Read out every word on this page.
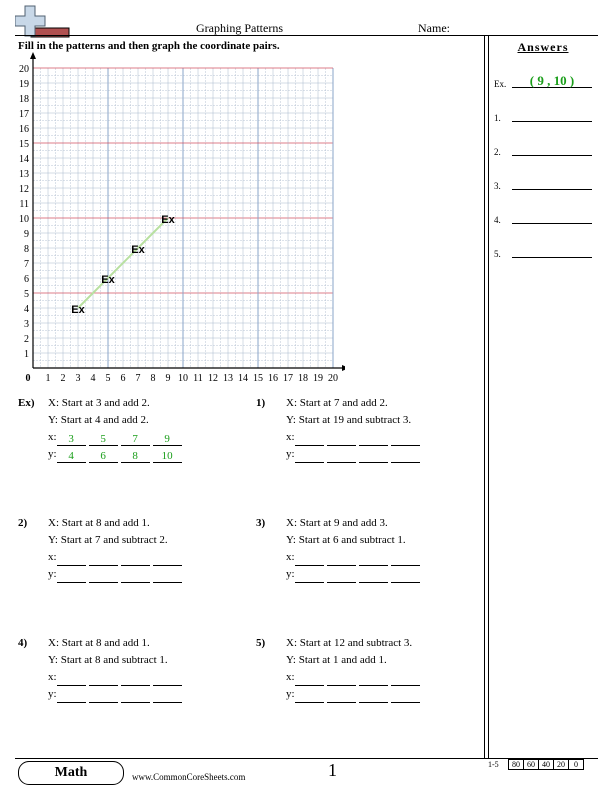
Graphing Patterns	Name:
Fill in the patterns and then graph the coordinate pairs.
0 1 2 3 4 5 6 7 8 9 10 11 12 13 14 15 16 17 18 19 20
1
2
3
4
5
6
7
8
9
10
11
12
13
14
15
16
17
18
19
20
Ex
Ex
Ex
Ex
Ex) X: Start at 3 and add 2.
Y: Start at 4 and add 2.
x: 3 5 7 9
y: 4 6 8 10
1) X: Start at 7 and add 2.
Y: Start at 19 and subtract 3.
x:
y:
2) X: Start at 8 and add 1.
Y: Start at 7 and subtract 2.
x:
y:
3) X: Start at 9 and add 3.
Y: Start at 6 and subtract 1.
x:
y:
4) X: Start at 8 and add 1.
Y: Start at 8 and subtract 1.
x:
y:
5) X: Start at 12 and subtract 3.
Y: Start at 1 and add 1.
x:
y:
Answers
Ex.	( 9 , 10 )
1.
2.
3.
4.
5.
Math	www.CommonCoreSheets.com	1	1-5	80 60 40 20	0
